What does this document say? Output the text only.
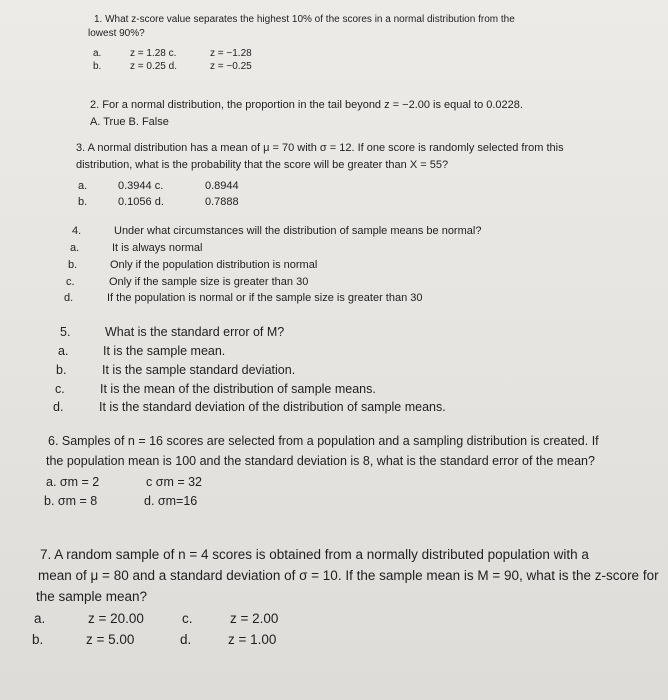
1. What z-score value separates the highest 10% of the scores in a normal distribution from the
lowest 90%?
a.	z = 1.28 c.	z = −1.28
b.	z = 0.25 d.	z = −0.25
2. For a normal distribution, the proportion in the tail beyond z = −2.00 is equal to 0.0228.
A. True B. False
3. A normal distribution has a mean of μ = 70 with σ = 12. If one score is randomly selected from this
distribution, what is the probability that the score will be greater than X = 55?
a.	0.3944 c.	0.8944
b.	0.1056 d.	0.7888
4.	Under what circumstances will the distribution of sample means be normal?
a.	It is always normal
b.	Only if the population distribution is normal
c.	Only if the sample size is greater than 30
d.	If the population is normal or if the sample size is greater than 30
5.	What is the standard error of M?
a.	It is the sample mean.
b.	It is the sample standard deviation.
c.	It is the mean of the distribution of sample means.
d.	It is the standard deviation of the distribution of sample means.
6. Samples of n = 16 scores are selected from a population and a sampling distribution is created. If
the population mean is 100 and the standard deviation is 8, what is the standard error of the mean?
a. σm = 2	c σm = 32
b. σm = 8	d. σm=16
7. A random sample of n = 4 scores is obtained from a normally distributed population with a
mean of μ = 80 and a standard deviation of σ = 10. If the sample mean is M = 90, what is the z-score for
the sample mean?
a.	z = 20.00	c.	z = 2.00
b.	z = 5.00	d.	z = 1.00
